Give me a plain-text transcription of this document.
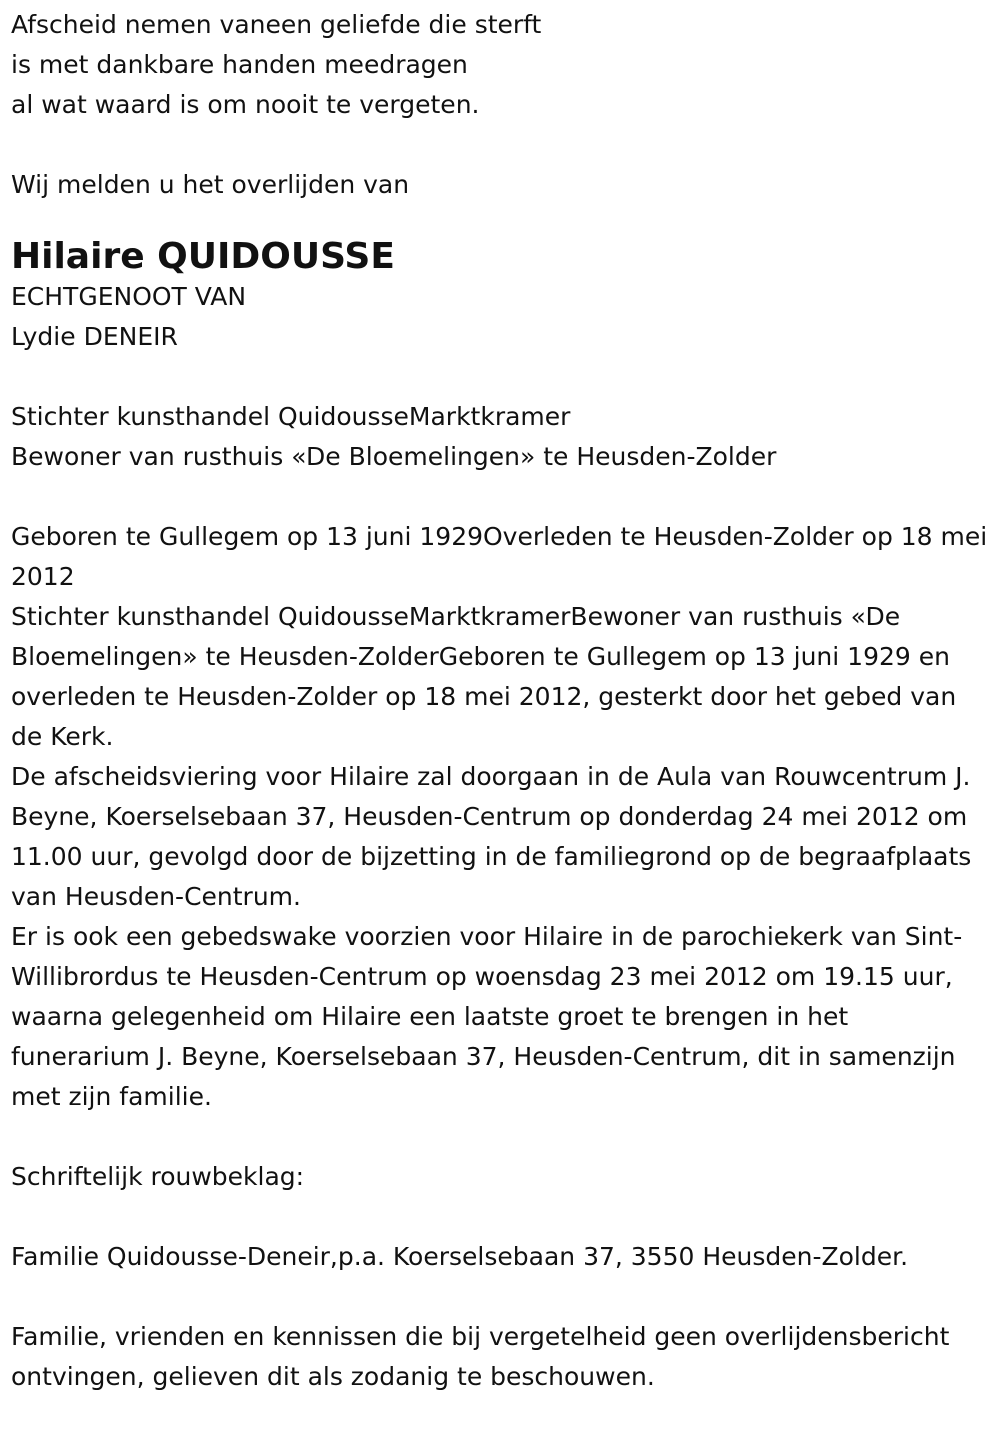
Afscheid nemen vaneen geliefde die sterft

is met dankbare handen meedragen

al wat waard is om nooit te vergeten.

Wij melden u het overlijden van

Hilaire QUIDOUSSE

ECHTGENOOT VAN

Lydie DENEIR

Stichter kunsthandel QuidousseMarktkramer

Bewoner van rusthuis «De Bloemelingen» te Heusden-Zolder

Geboren te Gullegem op 13 juni 1929Overleden te Heusden-Zolder op 18 mei 2012

Stichter kunsthandel QuidousseMarktkramerBewoner van rusthuis «De Bloemelingen» te Heusden-ZolderGeboren te Gullegem op 13 juni 1929 en overleden te Heusden-Zolder op 18 mei 2012, gesterkt door het gebed van de Kerk.

De afscheidsviering voor Hilaire zal doorgaan in de Aula van Rouwcentrum J. Beyne, Koerselsebaan 37, Heusden-Centrum op donderdag 24 mei 2012 om 11.00 uur, gevolgd door de bijzetting in de familiegrond op de begraafplaats van Heusden-Centrum.

Er is ook een gebedswake voorzien voor Hilaire in de parochiekerk van Sint-Willibrordus te Heusden-Centrum op woensdag 23 mei 2012 om 19.15 uur, waarna gelegenheid om Hilaire een laatste groet te brengen in het funerarium J. Beyne, Koerselsebaan 37, Heusden-Centrum, dit in samenzijn met zijn familie.

Schriftelijk rouwbeklag:

Familie Quidousse-Deneir,p.a. Koerselsebaan 37, 3550 Heusden-Zolder.

Familie, vrienden en kennissen die bij vergetelheid geen overlijdensbericht ontvingen, gelieven dit als zodanig te beschouwen.
